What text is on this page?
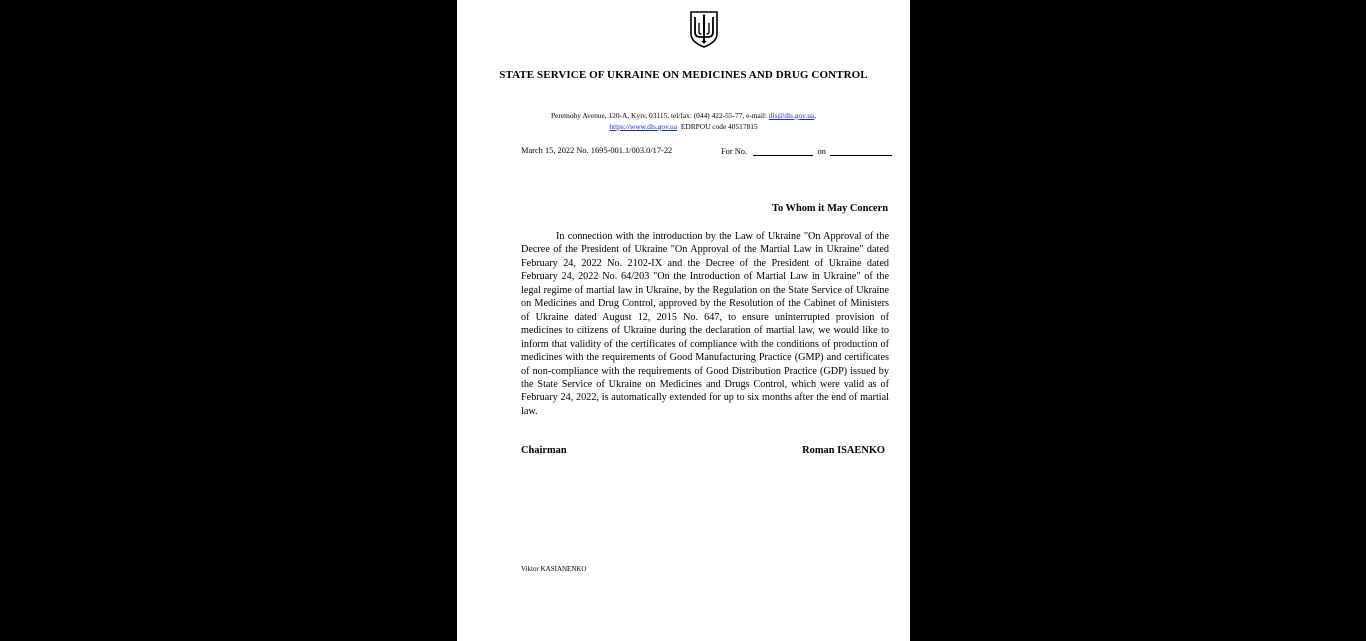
STATE SERVICE OF UKRAINE ON MEDICINES AND DRUG CONTROL
Peremohy Avenue, 120-A, Kyiv, 03115, tel/fax: (044) 422-55-77, e-mail: dls@dls.gov.ua,
https://www.dls.gov.ua EDRPOU code 40517815
March 15, 2022 No. 1695-001.1/003.0/17-22	For No.	on
To Whom it May Concern

In connection with the introduction by the Law of Ukraine "On Approval of the Decree of the President of Ukraine "On Approval of the Martial Law in Ukraine" dated February 24, 2022 No. 2102-IX and the Decree of the President of Ukraine dated February 24, 2022 No. 64/203 "On the Introduction of Martial Law in Ukraine" of the legal regime of martial law in Ukraine, by the Regulation on the State Service of Ukraine on Medicines and Drug Control, approved by the Resolution of the Cabinet of Ministers of Ukraine dated August 12, 2015 No. 647, to ensure uninterrupted provision of medicines to citizens of Ukraine during the declaration of martial law, we would like to inform that validity of the certificates of compliance with the conditions of production of medicines with the requirements of Good Manufacturing Practice (GMP) and certificates of non-compliance with the requirements of Good Distribution Practice (GDP) issued by the State Service of Ukraine on Medicines and Drugs Control, which were valid as of February 24, 2022, is automatically extended for up to six months after the end of martial law.

Chairman	Roman ISAENKO
Viktor KASIANENKO
